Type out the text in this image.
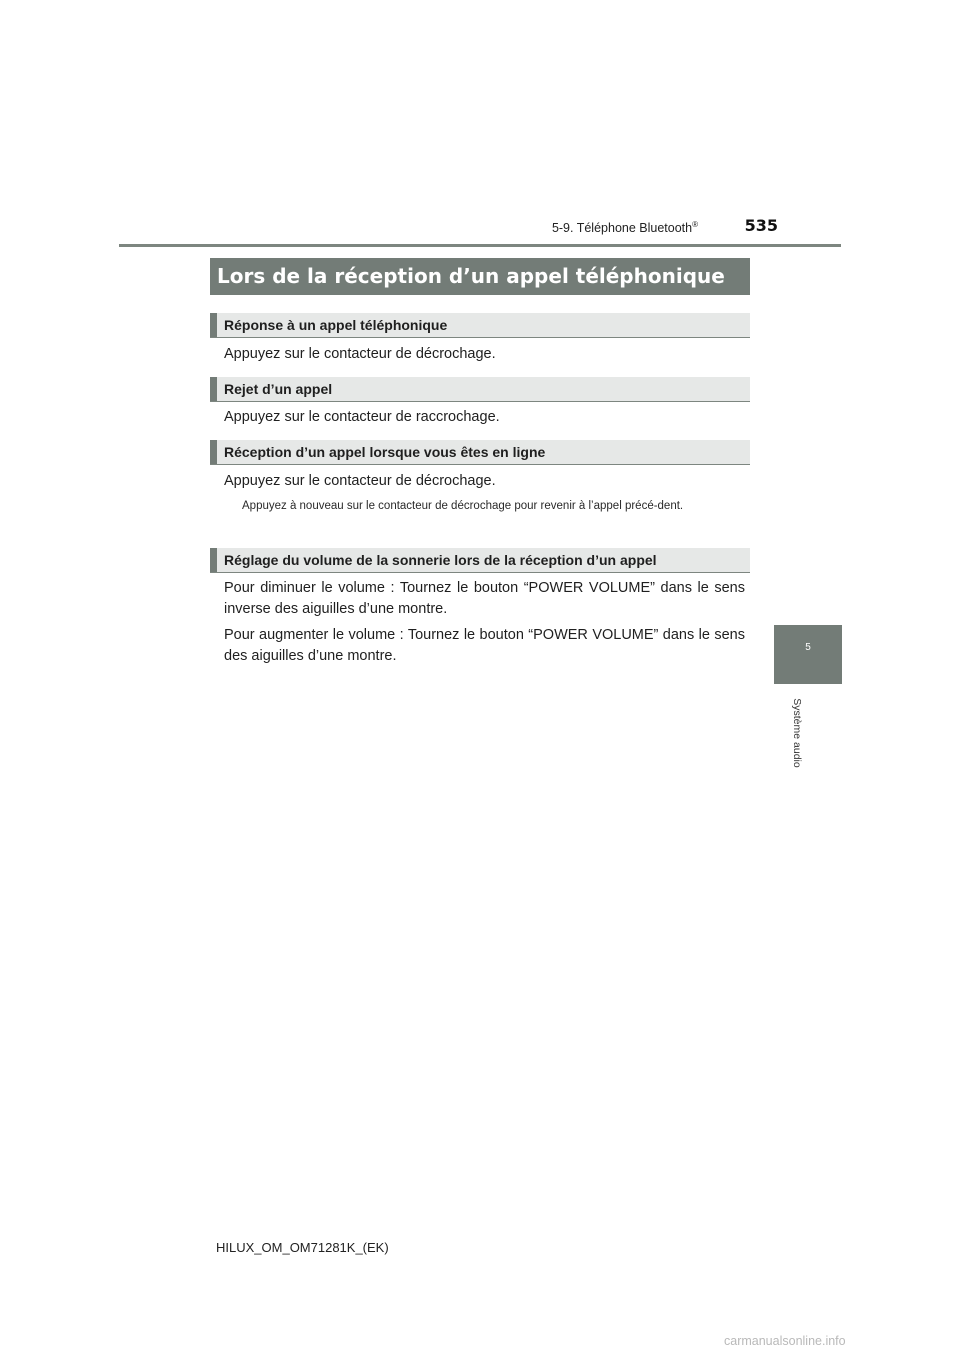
5-9. Téléphone Bluetooth®	535
Lors de la réception d’un appel téléphonique
Réponse à un appel téléphonique

Appuyez sur le contacteur de décrochage.

Rejet d’un appel

Appuyez sur le contacteur de raccrochage.

Réception d’un appel lorsque vous êtes en ligne

Appuyez sur le contacteur de décrochage.

Appuyez à nouveau sur le contacteur de décrochage pour revenir à l’appel précé-dent.

Réglage du volume de la sonnerie lors de la réception d’un appel

Pour diminuer le volume : Tournez le bouton “POWER VOLUME” dans le sens inverse des aiguilles d’une montre.

Pour augmenter le volume : Tournez le bouton “POWER VOLUME” dans le sens des aiguilles d’une montre.

5
Système audio
HILUX_OM_OM71281K_(EK)
carmanualsonline.info
